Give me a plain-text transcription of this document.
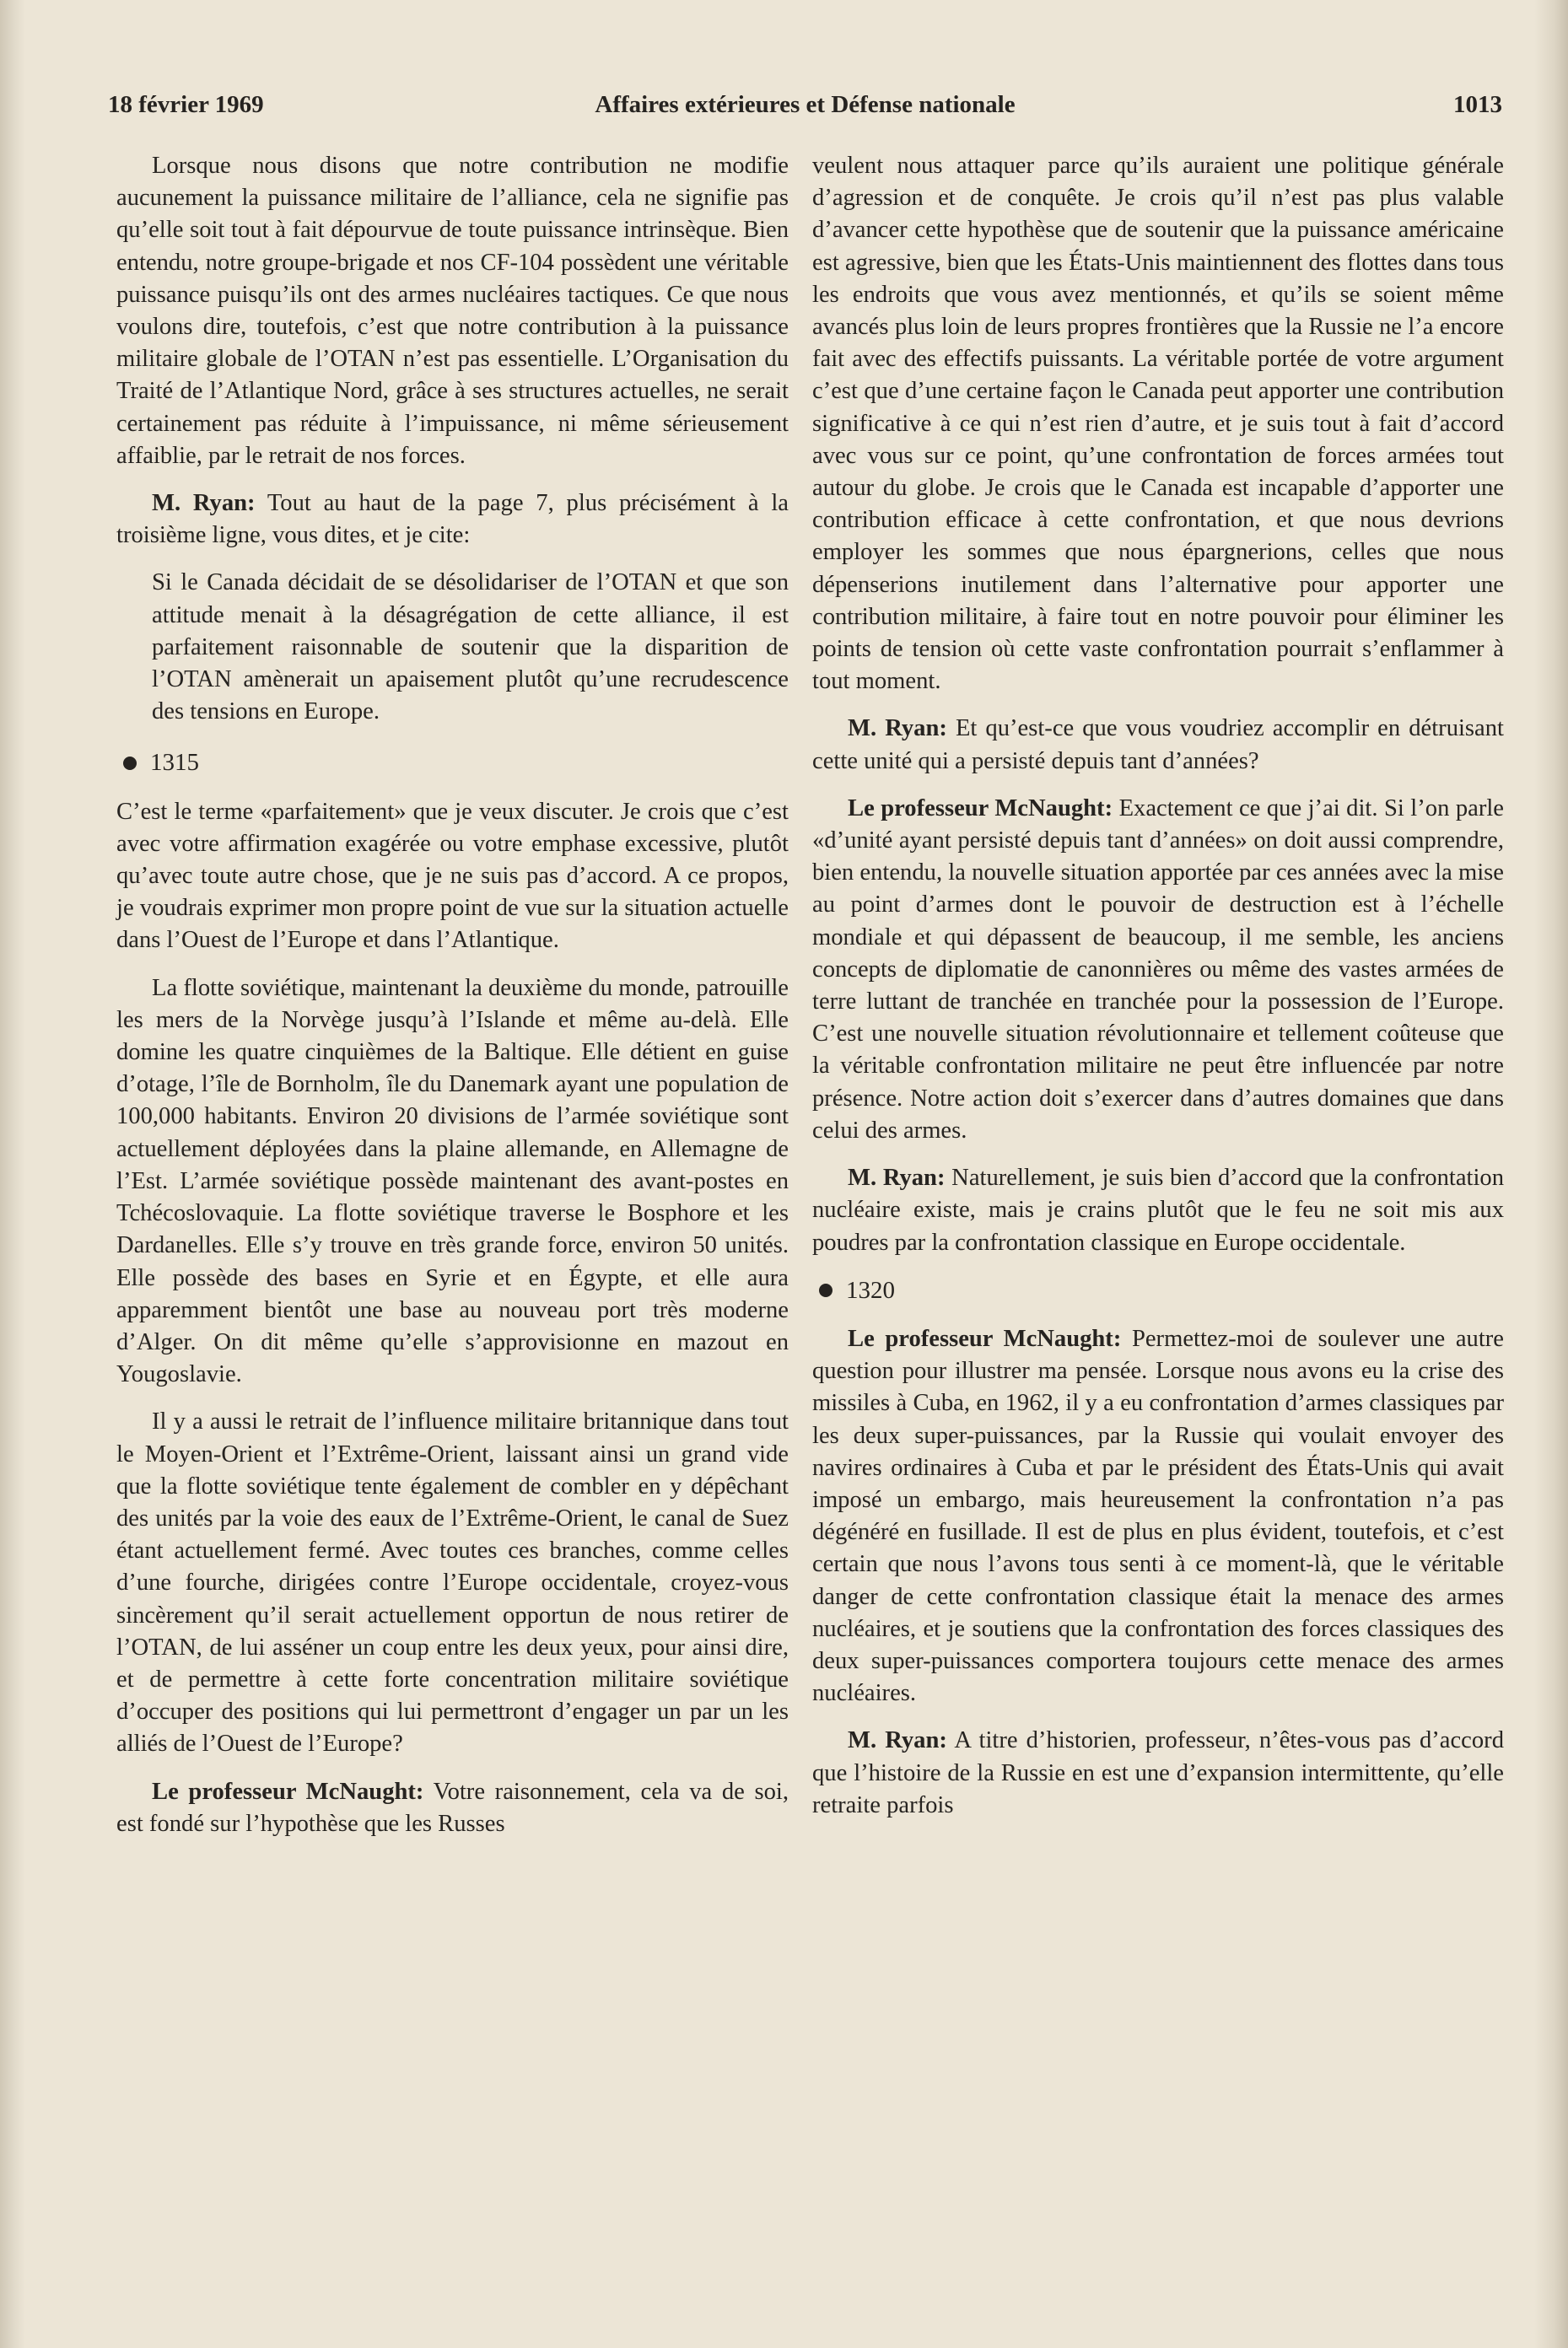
18 février 1969	Affaires extérieures et Défense nationale	1013

Lorsque nous disons que notre contribution ne modifie aucunement la puissance militaire de l’alliance, cela ne signifie pas qu’elle soit tout à fait dépourvue de toute puissance intrinsèque. Bien entendu, notre groupe-brigade et nos CF-104 possèdent une véritable puissance puisqu’ils ont des armes nucléaires tactiques. Ce que nous voulons dire, toutefois, c’est que notre contribution à la puissance militaire globale de l’OTAN n’est pas essentielle. L’Organisation du Traité de l’Atlantique Nord, grâce à ses structures actuelles, ne serait certainement pas réduite à l’impuissance, ni même sérieusement affaiblie, par le retrait de nos forces.

M. Ryan: Tout au haut de la page 7, plus précisément à la troisième ligne, vous dites, et je cite:

Si le Canada décidait de se désolidariser de l’OTAN et que son attitude menait à la désagrégation de cette alliance, il est parfaitement raisonnable de soutenir que la disparition de l’OTAN amènerait un apaisement plutôt qu’une recrudescence des tensions en Europe.

1315

C’est le terme «parfaitement» que je veux discuter. Je crois que c’est avec votre affirmation exagérée ou votre emphase excessive, plutôt qu’avec toute autre chose, que je ne suis pas d’accord. A ce propos, je voudrais exprimer mon propre point de vue sur la situation actuelle dans l’Ouest de l’Europe et dans l’Atlantique.

La flotte soviétique, maintenant la deuxième du monde, patrouille les mers de la Norvège jusqu’à l’Islande et même au-delà. Elle domine les quatre cinquièmes de la Baltique. Elle détient en guise d’otage, l’île de Bornholm, île du Danemark ayant une population de 100,000 habitants. Environ 20 divisions de l’armée soviétique sont actuellement déployées dans la plaine allemande, en Allemagne de l’Est. L’armée soviétique possède maintenant des avant-postes en Tchécoslovaquie. La flotte soviétique traverse le Bosphore et les Dardanelles. Elle s’y trouve en très grande force, environ 50 unités. Elle possède des bases en Syrie et en Égypte, et elle aura apparemment bientôt une base au nouveau port très moderne d’Alger. On dit même qu’elle s’approvisionne en mazout en Yougoslavie.

Il y a aussi le retrait de l’influence militaire britannique dans tout le Moyen-Orient et l’Extrême-Orient, laissant ainsi un grand vide que la flotte soviétique tente également de combler en y dépêchant des unités par la voie des eaux de l’Extrême-Orient, le canal de Suez étant actuellement fermé. Avec toutes ces branches, comme celles d’une fourche, dirigées contre l’Europe occidentale, croyez-vous sincèrement qu’il serait actuellement opportun de nous retirer de l’OTAN, de lui asséner un coup entre les deux yeux, pour ainsi dire, et de permettre à cette forte concentration militaire soviétique d’occuper des positions qui lui permettront d’engager un par un les alliés de l’Ouest de l’Europe?

Le professeur McNaught: Votre raisonnement, cela va de soi, est fondé sur l’hypothèse que les Russes

veulent nous attaquer parce qu’ils auraient une politique générale d’agression et de conquête. Je crois qu’il n’est pas plus valable d’avancer cette hypothèse que de soutenir que la puissance américaine est agressive, bien que les États-Unis maintiennent des flottes dans tous les endroits que vous avez mentionnés, et qu’ils se soient même avancés plus loin de leurs propres frontières que la Russie ne l’a encore fait avec des effectifs puissants. La véritable portée de votre argument c’est que d’une certaine façon le Canada peut apporter une contribution significative à ce qui n’est rien d’autre, et je suis tout à fait d’accord avec vous sur ce point, qu’une confrontation de forces armées tout autour du globe. Je crois que le Canada est incapable d’apporter une contribution efficace à cette confrontation, et que nous devrions employer les sommes que nous épargnerions, celles que nous dépenserions inutilement dans l’alternative pour apporter une contribution militaire, à faire tout en notre pouvoir pour éliminer les points de tension où cette vaste confrontation pourrait s’enflammer à tout moment.

M. Ryan: Et qu’est-ce que vous voudriez accomplir en détruisant cette unité qui a persisté depuis tant d’années?

Le professeur McNaught: Exactement ce que j’ai dit. Si l’on parle «d’unité ayant persisté depuis tant d’années» on doit aussi comprendre, bien entendu, la nouvelle situation apportée par ces années avec la mise au point d’armes dont le pouvoir de destruction est à l’échelle mondiale et qui dépassent de beaucoup, il me semble, les anciens concepts de diplomatie de canonnières ou même des vastes armées de terre luttant de tranchée en tranchée pour la possession de l’Europe. C’est une nouvelle situation révolutionnaire et tellement coûteuse que la véritable confrontation militaire ne peut être influencée par notre présence. Notre action doit s’exercer dans d’autres domaines que dans celui des armes.

M. Ryan: Naturellement, je suis bien d’accord que la confrontation nucléaire existe, mais je crains plutôt que le feu ne soit mis aux poudres par la confrontation classique en Europe occidentale.

1320

Le professeur McNaught: Permettez-moi de soulever une autre question pour illustrer ma pensée. Lorsque nous avons eu la crise des missiles à Cuba, en 1962, il y a eu confrontation d’armes classiques par les deux super-puissances, par la Russie qui voulait envoyer des navires ordinaires à Cuba et par le président des États-Unis qui avait imposé un embargo, mais heureusement la confrontation n’a pas dégénéré en fusillade. Il est de plus en plus évident, toutefois, et c’est certain que nous l’avons tous senti à ce moment-là, que le véritable danger de cette confrontation classique était la menace des armes nucléaires, et je soutiens que la confrontation des forces classiques des deux super-puissances comportera toujours cette menace des armes nucléaires.

M. Ryan: A titre d’historien, professeur, n’êtes-vous pas d’accord que l’histoire de la Russie en est une d’expansion intermittente, qu’elle retraite parfois
